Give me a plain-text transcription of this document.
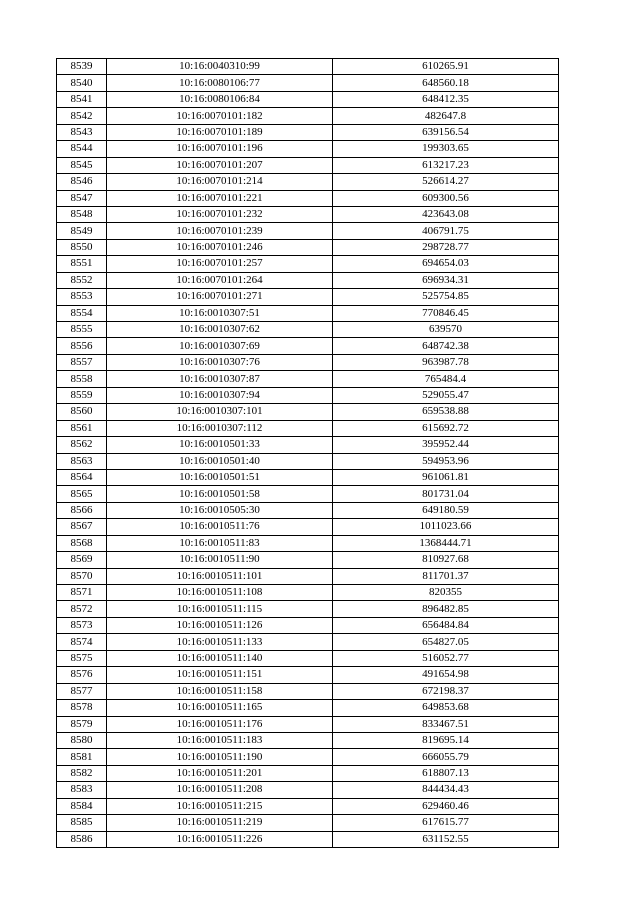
8539	10:16:0040310:99	610265.91
8540	10:16:0080106:77	648560.18
8541	10:16:0080106:84	648412.35
8542	10:16:0070101:182	482647.8
8543	10:16:0070101:189	639156.54
8544	10:16:0070101:196	199303.65
8545	10:16:0070101:207	613217.23
8546	10:16:0070101:214	526614.27
8547	10:16:0070101:221	609300.56
8548	10:16:0070101:232	423643.08
8549	10:16:0070101:239	406791.75
8550	10:16:0070101:246	298728.77
8551	10:16:0070101:257	694654.03
8552	10:16:0070101:264	696934.31
8553	10:16:0070101:271	525754.85
8554	10:16:0010307:51	770846.45
8555	10:16:0010307:62	639570
8556	10:16:0010307:69	648742.38
8557	10:16:0010307:76	963987.78
8558	10:16:0010307:87	765484.4
8559	10:16:0010307:94	529055.47
8560	10:16:0010307:101	659538.88
8561	10:16:0010307:112	615692.72
8562	10:16:0010501:33	395952.44
8563	10:16:0010501:40	594953.96
8564	10:16:0010501:51	961061.81
8565	10:16:0010501:58	801731.04
8566	10:16:0010505:30	649180.59
8567	10:16:0010511:76	1011023.66
8568	10:16:0010511:83	1368444.71
8569	10:16:0010511:90	810927.68
8570	10:16:0010511:101	811701.37
8571	10:16:0010511:108	820355
8572	10:16:0010511:115	896482.85
8573	10:16:0010511:126	656484.84
8574	10:16:0010511:133	654827.05
8575	10:16:0010511:140	516052.77
8576	10:16:0010511:151	491654.98
8577	10:16:0010511:158	672198.37
8578	10:16:0010511:165	649853.68
8579	10:16:0010511:176	833467.51
8580	10:16:0010511:183	819695.14
8581	10:16:0010511:190	666055.79
8582	10:16:0010511:201	618807.13
8583	10:16:0010511:208	844434.43
8584	10:16:0010511:215	629460.46
8585	10:16:0010511:219	617615.77
8586	10:16:0010511:226	631152.55
